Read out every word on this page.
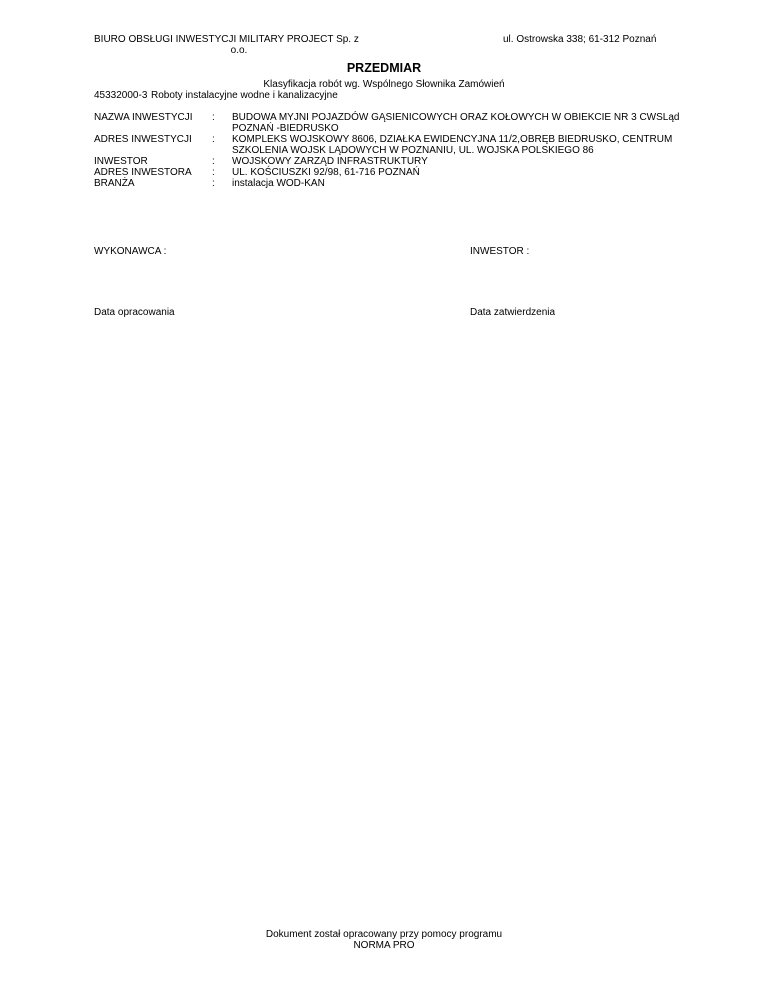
BIURO OBSŁUGI INWESTYCJI MILITARY PROJECT Sp. z
o.o.
ul. Ostrowska 338; 61-312 Poznań
PRZEDMIAR
Klasyfikacja robót wg. Wspólnego Słownika Zamówień
45332000-3 Roboty instalacyjne wodne i kanalizacyjne
NAZWA INWESTYCJI	:	BUDOWA MYJNI POJAZDÓW GĄSIENICOWYCH ORAZ KOŁOWYCH W OBIEKCIE NR 3 CWSLąd
POZNAŃ -BIEDRUSKO
ADRES INWESTYCJI	:	KOMPLEKS WOJSKOWY 8606, DZIAŁKA EWIDENCYJNA 11/2,OBRĘB BIEDRUSKO, CENTRUM
SZKOLENIA WOJSK LĄDOWYCH W POZNANIU, UL. WOJSKA POLSKIEGO 86
INWESTOR	:	WOJSKOWY ZARZĄD INFRASTRUKTURY
ADRES INWESTORA	:	UL. KOŚCIUSZKI 92/98, 61-716 POZNAŃ
BRANŻA	:	instalacja WOD-KAN
WYKONAWCA :	INWESTOR :
Data opracowania	Data zatwierdzenia
Dokument został opracowany przy pomocy programu
NORMA PRO
